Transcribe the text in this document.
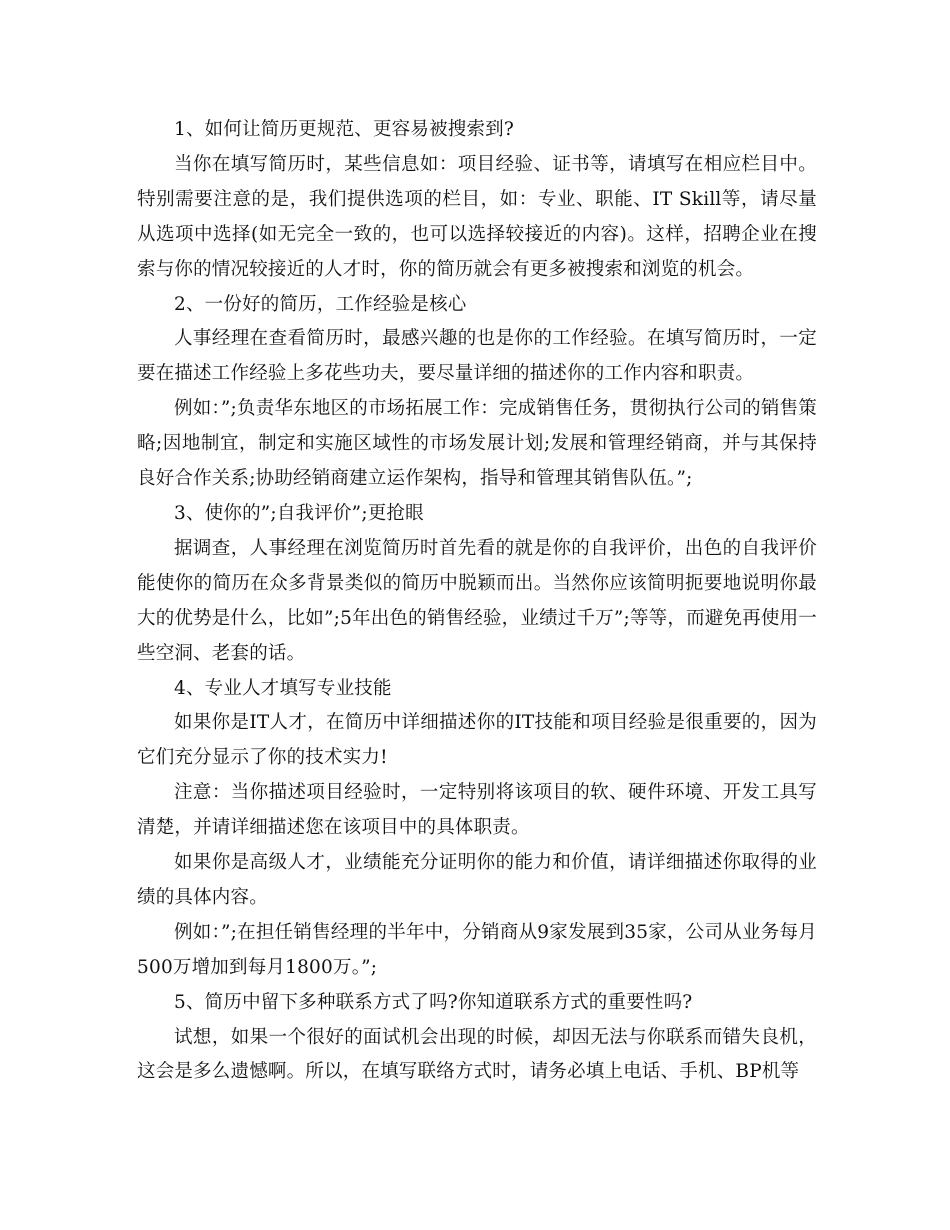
1、如何让简历更规范、更容易被搜索到?

当你在填写简历时，某些信息如：项目经验、证书等，请填写在相应栏目中。特别需要注意的是，我们提供选项的栏目，如：专业、职能、IT Skill等，请尽量从选项中选择(如无完全一致的，也可以选择较接近的内容)。这样，招聘企业在搜索与你的情况较接近的人才时，你的简历就会有更多被搜索和浏览的机会。

2、一份好的简历，工作经验是核心

人事经理在查看简历时，最感兴趣的也是你的工作经验。在填写简历时，一定要在描述工作经验上多花些功夫，要尽量详细的描述你的工作内容和职责。

例如：”;负责华东地区的市场拓展工作：完成销售任务，贯彻执行公司的销售策略;因地制宜，制定和实施区域性的市场发展计划;发展和管理经销商，并与其保持良好合作关系;协助经销商建立运作架构，指导和管理其销售队伍。”;

3、使你的”;自我评价”;更抢眼

据调查，人事经理在浏览简历时首先看的就是你的自我评价，出色的自我评价能使你的简历在众多背景类似的简历中脱颖而出。当然你应该简明扼要地说明你最大的优势是什么，比如”;5年出色的销售经验，业绩过千万”;等等，而避免再使用一些空洞、老套的话。

4、专业人才填写专业技能

如果你是IT人才，在简历中详细描述你的IT技能和项目经验是很重要的，因为它们充分显示了你的技术实力!

注意：当你描述项目经验时，一定特别将该项目的软、硬件环境、开发工具写清楚，并请详细描述您在该项目中的具体职责。

如果你是高级人才，业绩能充分证明你的能力和价值，请详细描述你取得的业绩的具体内容。

例如：”;在担任销售经理的半年中，分销商从9家发展到35家，公司从业务每月500万增加到每月1800万。”;

5、简历中留下多种联系方式了吗?你知道联系方式的重要性吗?

试想，如果一个很好的面试机会出现的时候，却因无法与你联系而错失良机，这会是多么遗憾啊。所以，在填写联络方式时，请务必填上电话、手机、BP机等
